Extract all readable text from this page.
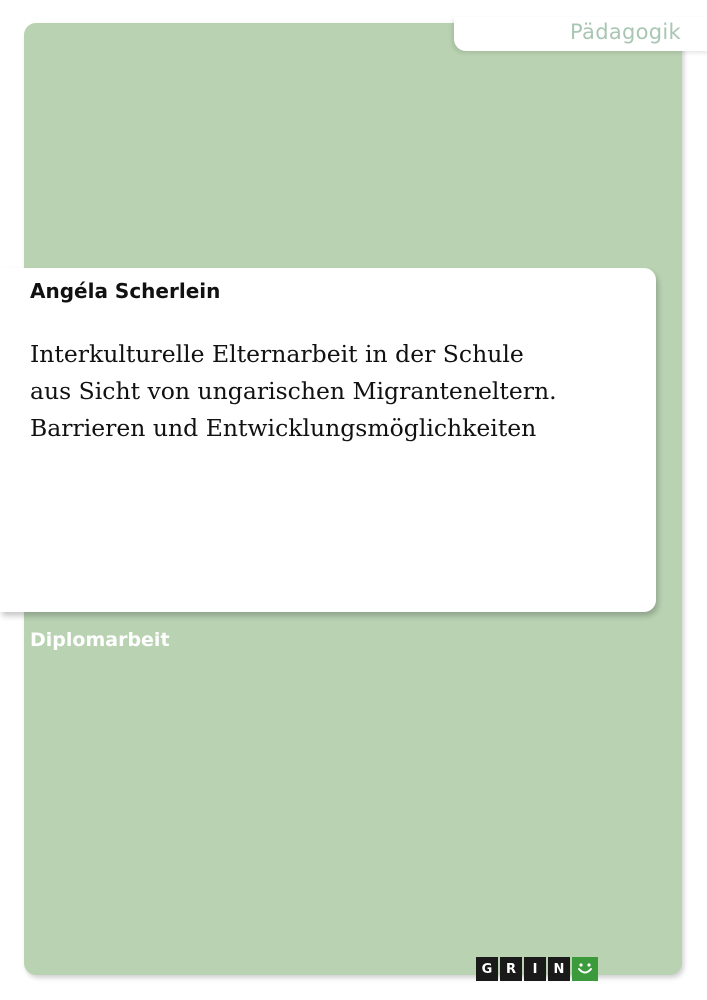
Pädagogik
Angéla Scherlein
Interkulturelle Elternarbeit in der Schule
aus Sicht von ungarischen Migranteneltern.
Barrieren und Entwicklungsmöglichkeiten
Diplomarbeit
G	R	I	N
